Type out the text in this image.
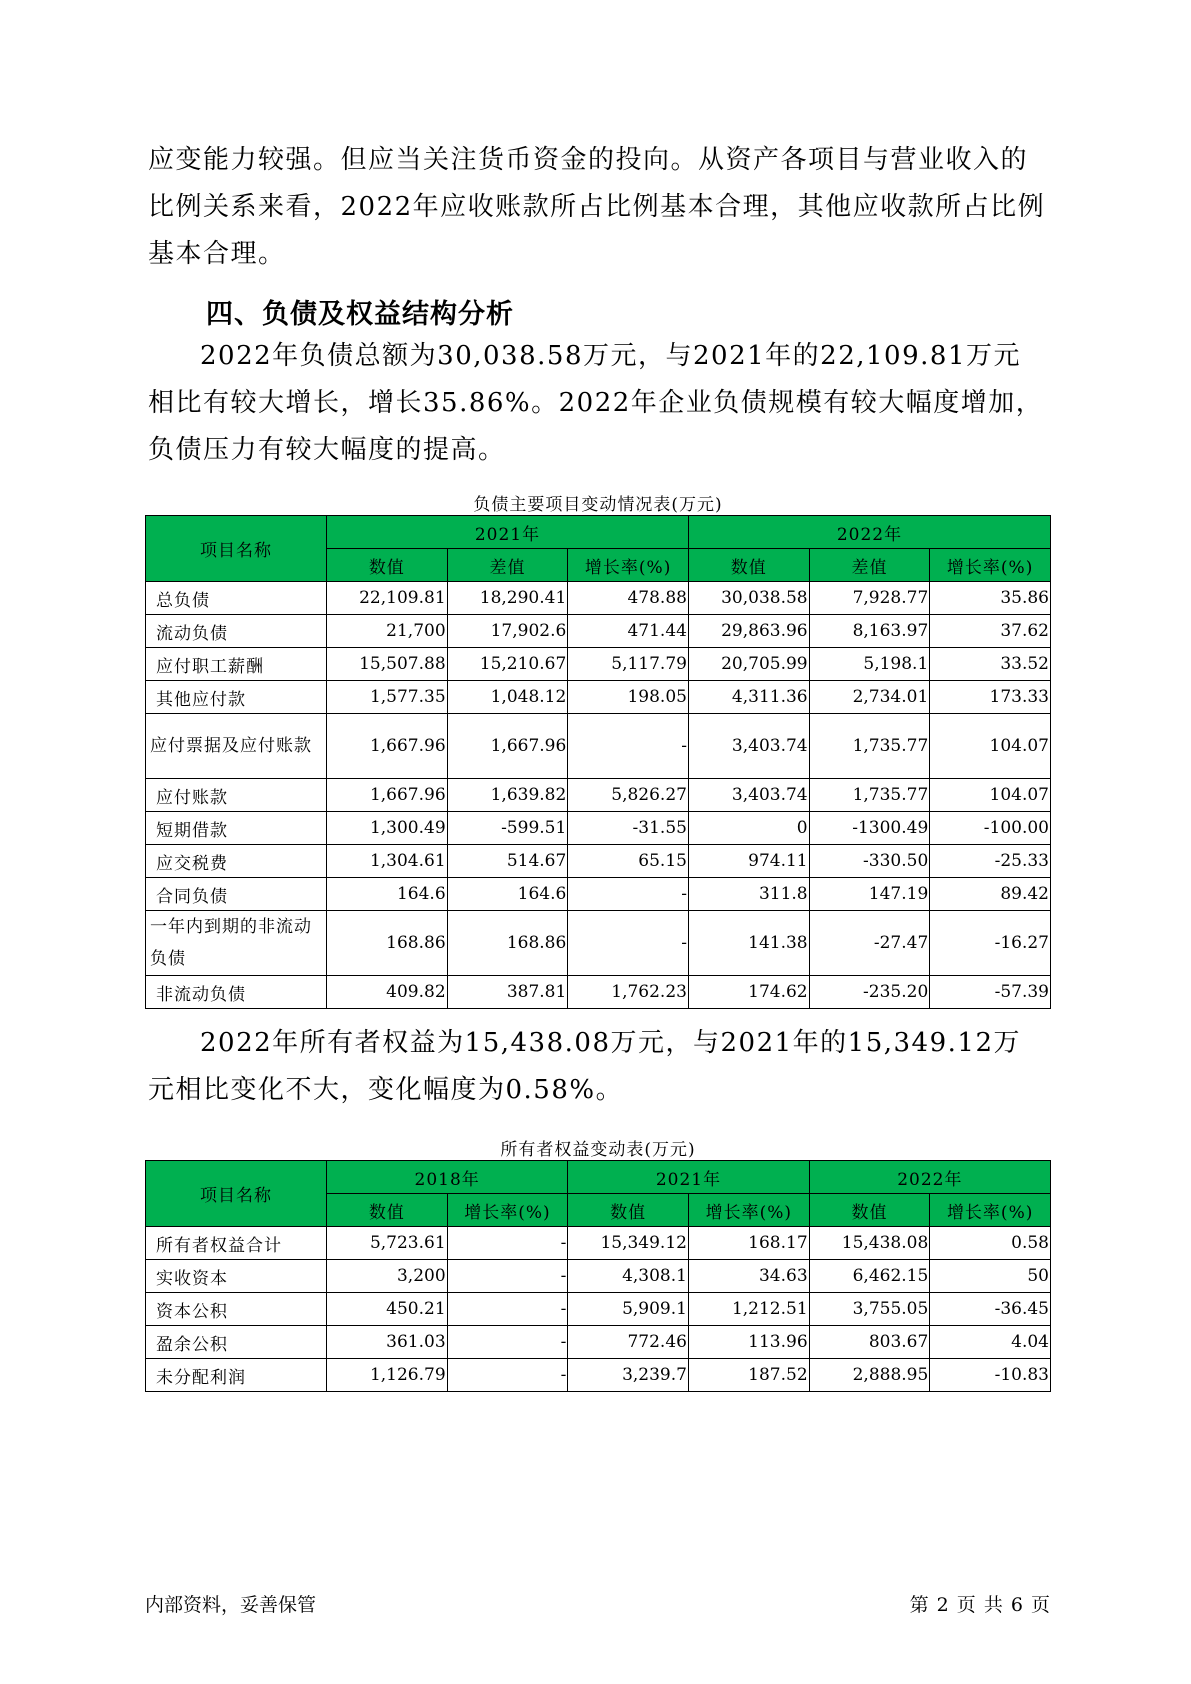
应变能力较强。但应当关注货币资金的投向。从资产各项目与营业收入的比例关系来看，2022年应收账款所占比例基本合理，其他应收款所占比例基本合理。
四、负债及权益结构分析
2022年负债总额为30,038.58万元，与2021年的22,109.81万元相比有较大增长，增长35.86%。2022年企业负债规模有较大幅度增加，负债压力有较大幅度的提高。
负债主要项目变动情况表(万元)
项目名称	2021年			2022年		
	数值	差值	增长率(%)	数值	差值	增长率(%)
总负债	22,109.81	18,290.41	478.88	30,038.58	7,928.77	35.86
流动负债	21,700	17,902.6	471.44	29,863.96	8,163.97	37.62
应付职工薪酬	15,507.88	15,210.67	5,117.79	20,705.99	5,198.1	33.52
其他应付款	1,577.35	1,048.12	198.05	4,311.36	2,734.01	173.33
应付票据及应付账款	1,667.96	1,667.96	-	3,403.74	1,735.77	104.07
应付账款	1,667.96	1,639.82	5,826.27	3,403.74	1,735.77	104.07
短期借款	1,300.49	-599.51	-31.55	0	-1300.49	-100.00
应交税费	1,304.61	514.67	65.15	974.11	-330.50	-25.33
合同负债	164.6	164.6	-	311.8	147.19	89.42
一年内到期的非流动负债	168.86	168.86	-	141.38	-27.47	-16.27
非流动负债	409.82	387.81	1,762.23	174.62	-235.20	-57.39
2022年所有者权益为15,438.08万元，与2021年的15,349.12万元相比变化不大，变化幅度为0.58%。
所有者权益变动表(万元)
项目名称	2018年		2021年		2022年	
	数值	增长率(%)	数值	增长率(%)	数值	增长率(%)
所有者权益合计	5,723.61	-	15,349.12	168.17	15,438.08	0.58
实收资本	3,200	-	4,308.1	34.63	6,462.15	50
资本公积	450.21	-	5,909.1	1,212.51	3,755.05	-36.45
盈余公积	361.03	-	772.46	113.96	803.67	4.04
未分配利润	1,126.79	-	3,239.7	187.52	2,888.95	-10.83
内部资料，妥善保管	第 2 页 共 6 页
